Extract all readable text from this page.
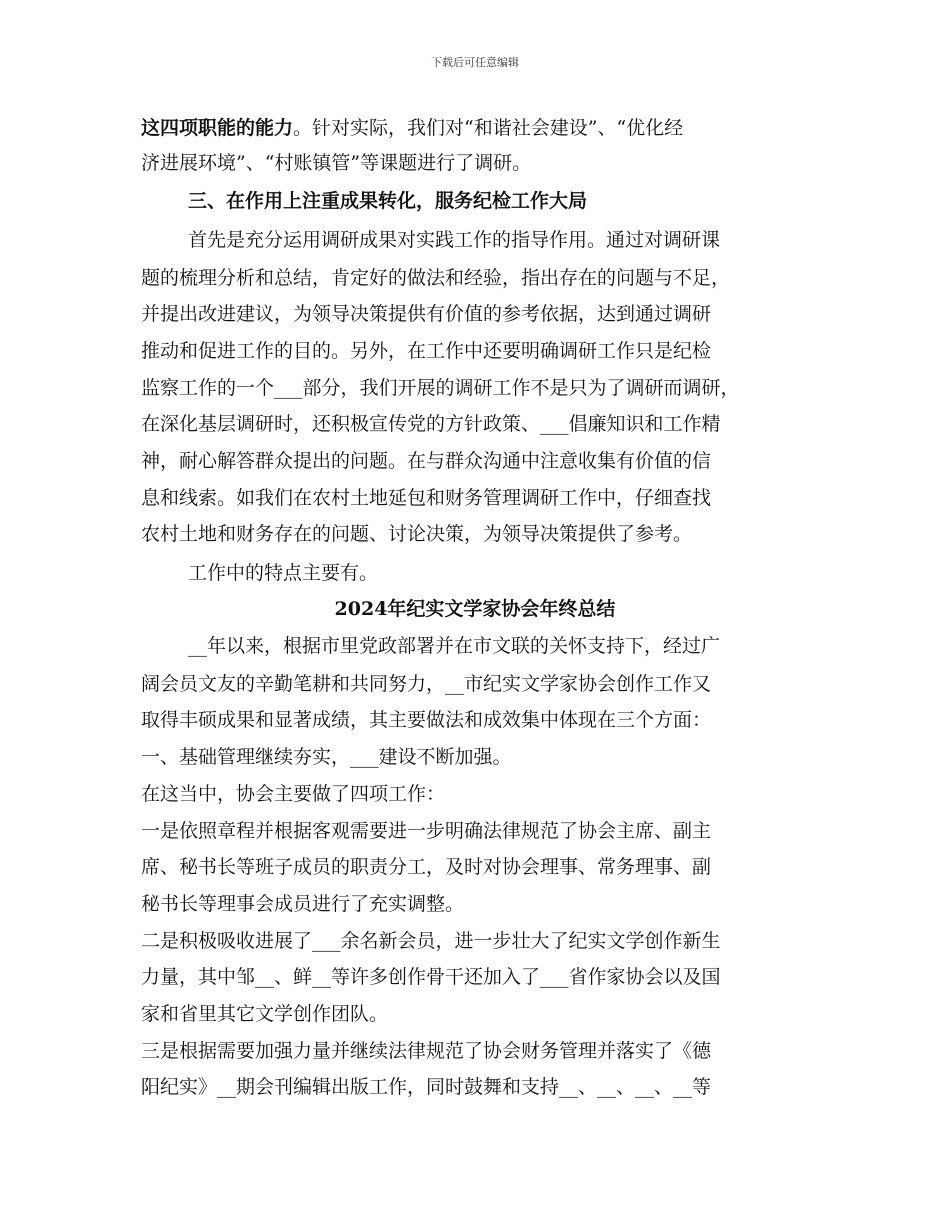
下载后可任意编辑
这四项职能的能力。针对实际，我们对“和谐社会建设”、“优化经
济进展环境”、“村账镇管”等课题进行了调研。
三、在作用上注重成果转化，服务纪检工作大局
首先是充分运用调研成果对实践工作的指导作用。通过对调研课
题的梳理分析和总结，肯定好的做法和经验，指出存在的问题与不足，
并提出改进建议，为领导决策提供有价值的参考依据，达到通过调研
推动和促进工作的目的。另外，在工作中还要明确调研工作只是纪检
监察工作的一个___部分，我们开展的调研工作不是只为了调研而调研，
在深化基层调研时，还积极宣传党的方针政策、___倡廉知识和工作精
神，耐心解答群众提出的问题。在与群众沟通中注意收集有价值的信
息和线索。如我们在农村土地延包和财务管理调研工作中，仔细查找
农村土地和财务存在的问题、讨论决策，为领导决策提供了参考。
工作中的特点主要有。
2024年纪实文学家协会年终总结
__年以来，根据市里党政部署并在市文联的关怀支持下，经过广
阔会员文友的辛勤笔耕和共同努力，__市纪实文学家协会创作工作又
取得丰硕成果和显著成绩，其主要做法和成效集中体现在三个方面：
一、基础管理继续夯实，___建设不断加强。
在这当中，协会主要做了四项工作：
一是依照章程并根据客观需要进一步明确法律规范了协会主席、副主
席、秘书长等班子成员的职责分工，及时对协会理事、常务理事、副
秘书长等理事会成员进行了充实调整。
二是积极吸收进展了___余名新会员，进一步壮大了纪实文学创作新生
力量，其中邹__、鲜__等许多创作骨干还加入了___省作家协会以及国
家和省里其它文学创作团队。
三是根据需要加强力量并继续法律规范了协会财务管理并落实了《德
阳纪实》__期会刊编辑出版工作，同时鼓舞和支持__、__、__、__等
